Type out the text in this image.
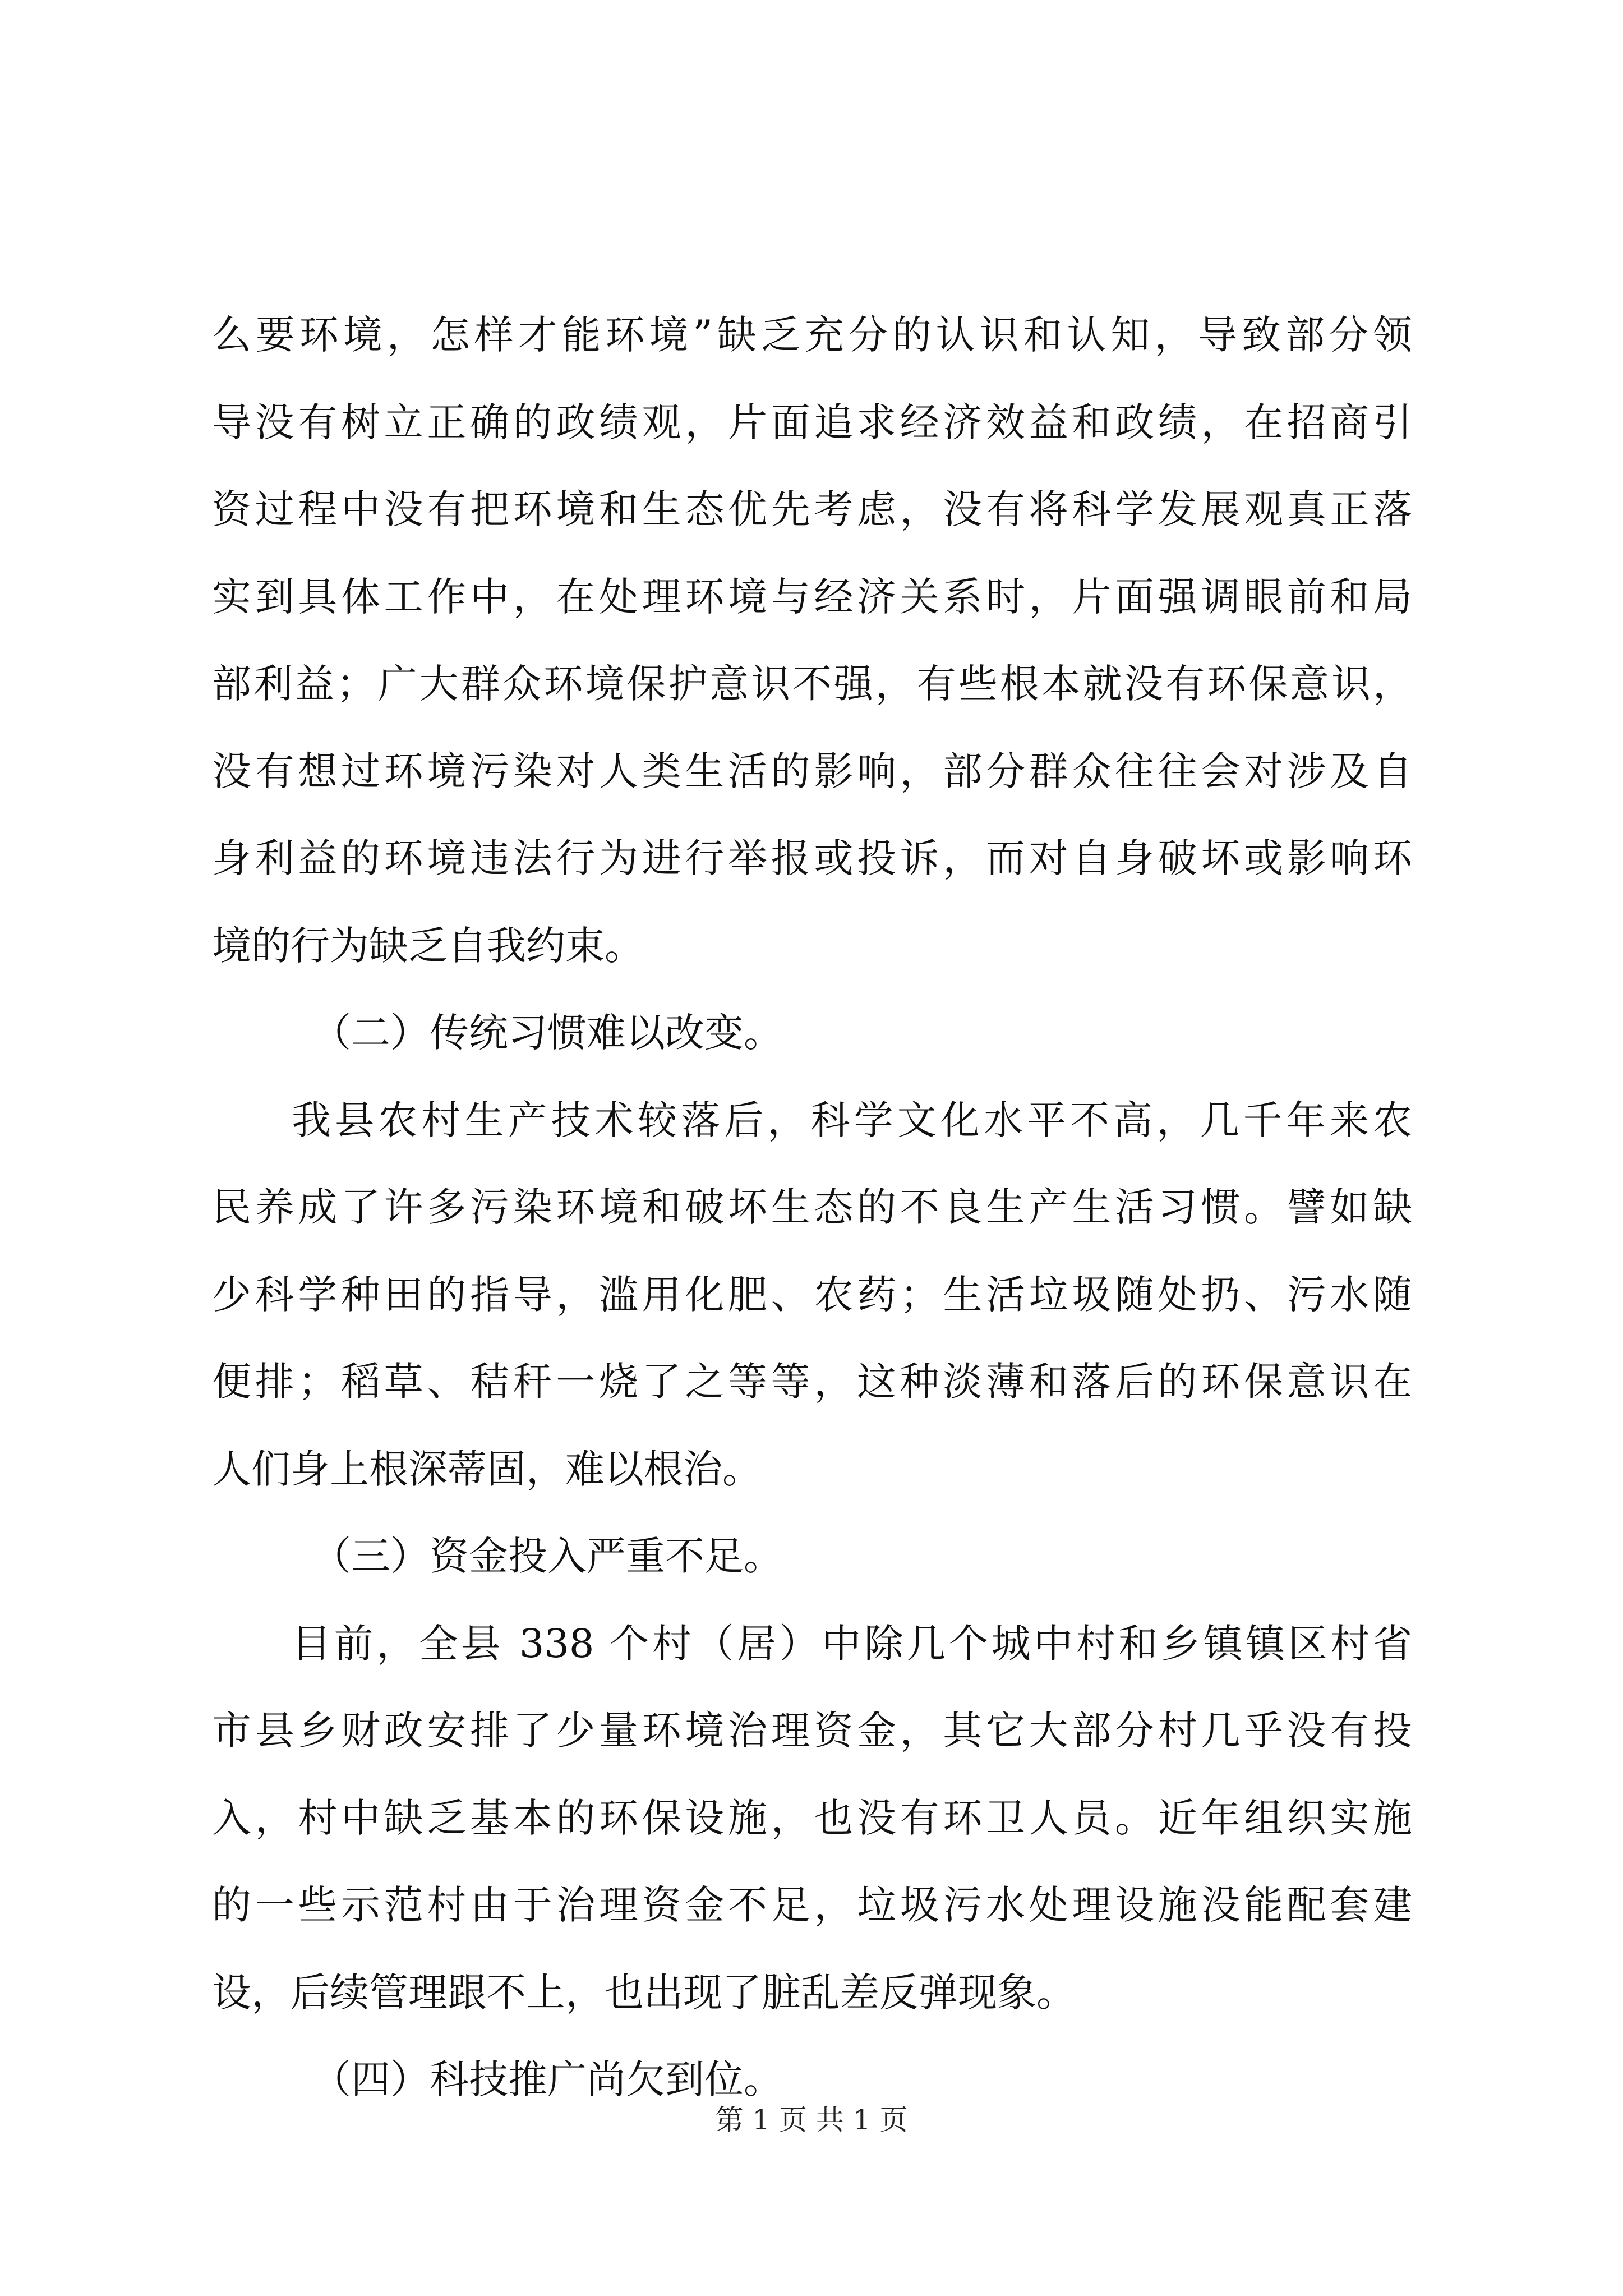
么要环境，怎样才能环境”缺乏充分的认识和认知，导致部分领
导没有树立正确的政绩观，片面追求经济效益和政绩，在招商引
资过程中没有把环境和生态优先考虑，没有将科学发展观真正落
实到具体工作中，在处理环境与经济关系时，片面强调眼前和局
部利益；广大群众环境保护意识不强，有些根本就没有环保意识，
没有想过环境污染对人类生活的影响，部分群众往往会对涉及自
身利益的环境违法行为进行举报或投诉，而对自身破坏或影响环
境的行为缺乏自我约束。
（二）传统习惯难以改变。
我县农村生产技术较落后，科学文化水平不高，几千年来农
民养成了许多污染环境和破坏生态的不良生产生活习惯。譬如缺
少科学种田的指导，滥用化肥、农药；生活垃圾随处扔、污水随
便排；稻草、秸秆一烧了之等等，这种淡薄和落后的环保意识在
人们身上根深蒂固，难以根治。
（三）资金投入严重不足。
目前，全县 338 个村（居）中除几个城中村和乡镇镇区村省
市县乡财政安排了少量环境治理资金，其它大部分村几乎没有投
入，村中缺乏基本的环保设施，也没有环卫人员。近年组织实施
的一些示范村由于治理资金不足，垃圾污水处理设施没能配套建
设，后续管理跟不上，也出现了脏乱差反弹现象。
（四）科技推广尚欠到位。
第 1 页 共 1 页
